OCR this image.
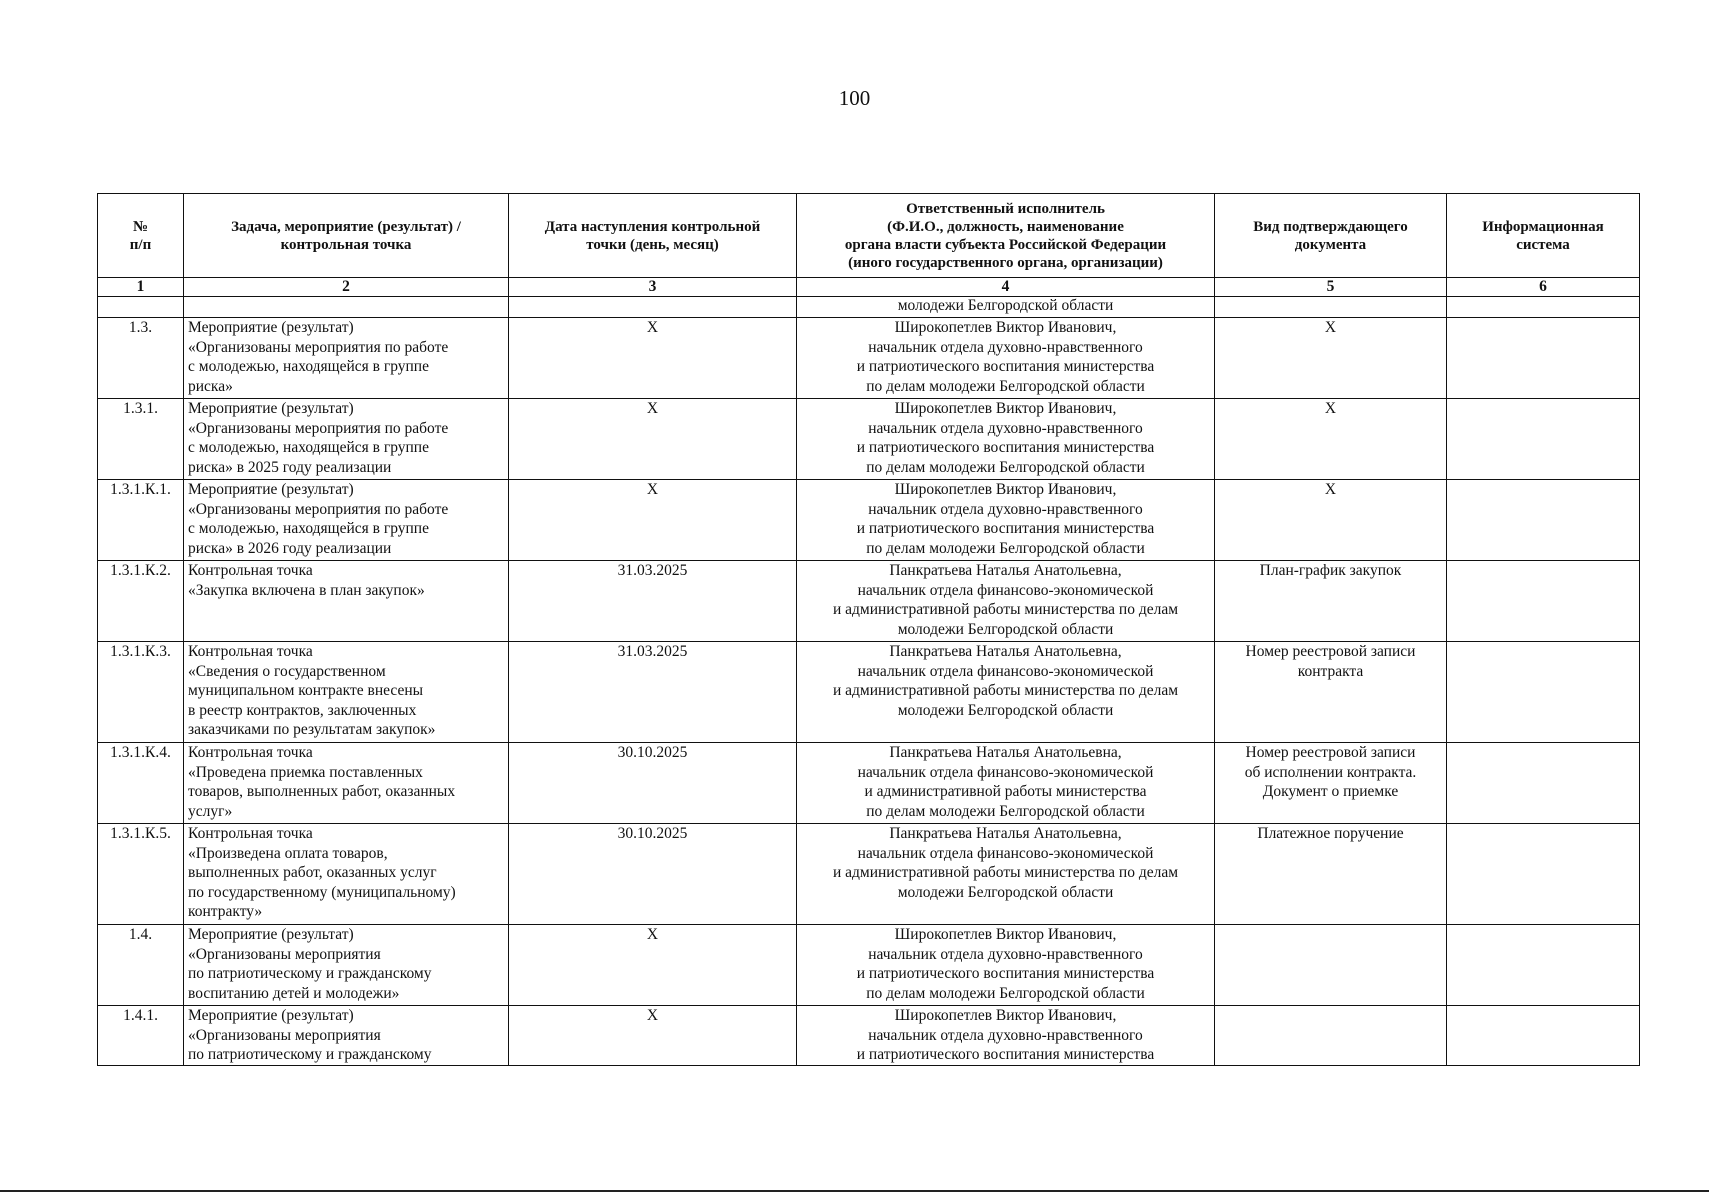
100
№
п/п	Задача, мероприятие (результат) /
контрольная точка	Дата наступления контрольной
точки (день, месяц)	Ответственный исполнитель
(Ф.И.О., должность, наименование
органа власти субъекта Российской Федерации
(иного государственного органа, организации)	Вид подтверждающего
документа	Информационная
система
1	2	3	4	5	6
			молодежи Белгородской области		
1.3.	Мероприятие (результат)
«Организованы мероприятия по работе
с молодежью, находящейся в группе
риска»	X	Широкопетлев Виктор Иванович,
начальник отдела духовно-нравственного
и патриотического воспитания министерства
по делам молодежи Белгородской области	X	
1.3.1.	Мероприятие (результат)
«Организованы мероприятия по работе
с молодежью, находящейся в группе
риска» в 2025 году реализации	X	Широкопетлев Виктор Иванович,
начальник отдела духовно-нравственного
и патриотического воспитания министерства
по делам молодежи Белгородской области	X	
1.3.1.К.1.	Мероприятие (результат)
«Организованы мероприятия по работе
с молодежью, находящейся в группе
риска» в 2026 году реализации	X	Широкопетлев Виктор Иванович,
начальник отдела духовно-нравственного
и патриотического воспитания министерства
по делам молодежи Белгородской области	X	
1.3.1.К.2.	Контрольная точка
«Закупка включена в план закупок»	31.03.2025	Панкратьева Наталья Анатольевна,
начальник отдела финансово-экономической
и административной работы министерства по делам
молодежи Белгородской области	План-график закупок	
1.3.1.К.3.	Контрольная точка
«Сведения о государственном
муниципальном контракте внесены
в реестр контрактов, заключенных
заказчиками по результатам закупок»	31.03.2025	Панкратьева Наталья Анатольевна,
начальник отдела финансово-экономической
и административной работы министерства по делам
молодежи Белгородской области	Номер реестровой записи
контракта	
1.3.1.К.4.	Контрольная точка
«Проведена приемка поставленных
товаров, выполненных работ, оказанных
услуг»	30.10.2025	Панкратьева Наталья Анатольевна,
начальник отдела финансово-экономической
и административной работы министерства
по делам молодежи Белгородской области	Номер реестровой записи
об исполнении контракта.
Документ о приемке	
1.3.1.К.5.	Контрольная точка
«Произведена оплата товаров,
выполненных работ, оказанных услуг
по государственному (муниципальному)
контракту»	30.10.2025	Панкратьева Наталья Анатольевна,
начальник отдела финансово-экономической
и административной работы министерства по делам
молодежи Белгородской области	Платежное поручение	
1.4.	Мероприятие (результат)
«Организованы мероприятия
по патриотическому и гражданскому
воспитанию детей и молодежи»	X	Широкопетлев Виктор Иванович,
начальник отдела духовно-нравственного
и патриотического воспитания министерства
по делам молодежи Белгородской области		
1.4.1.	Мероприятие (результат)
«Организованы мероприятия
по патриотическому и гражданскому	X	Широкопетлев Виктор Иванович,
начальник отдела духовно-нравственного
и патриотического воспитания министерства		
